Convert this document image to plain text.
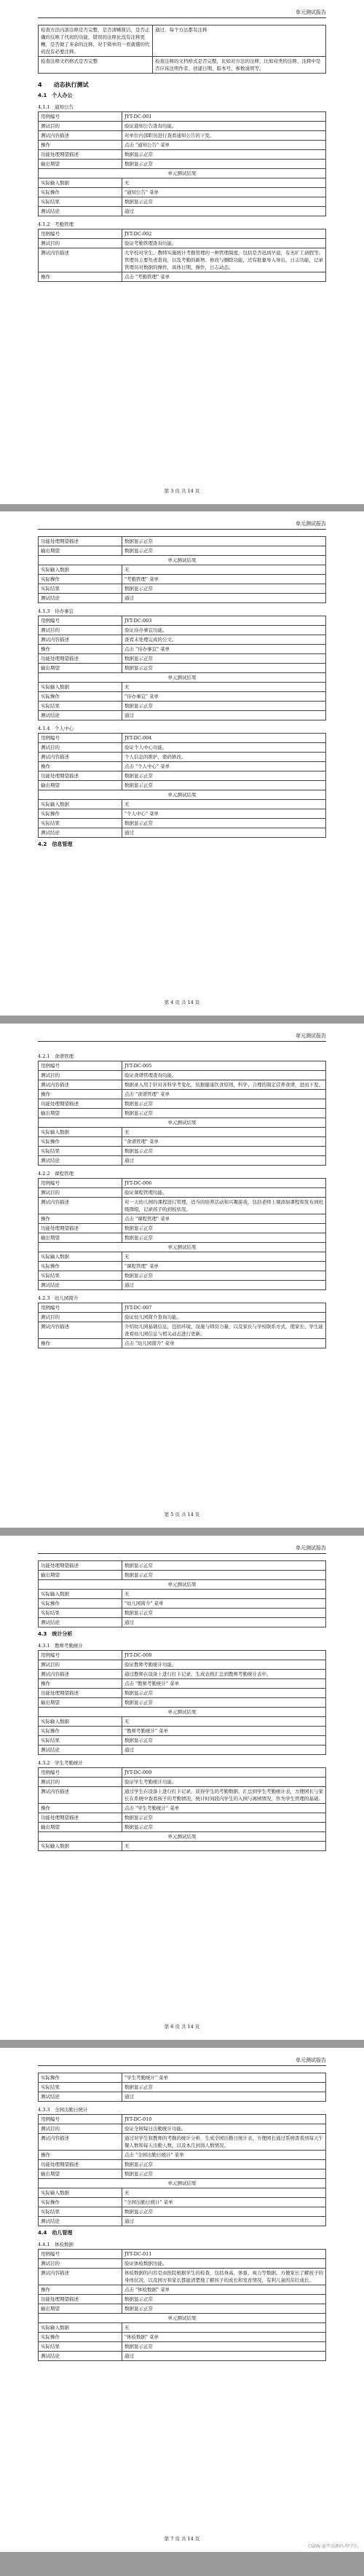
单元测试报告
检查方法内部注释是否完整，是否清晰简洁，是否正确的反映了代码的功能，错误的注释比没有注释更糟，是否做了多余的注释，对于简单的一看就懂的代码没有必要注释。	通过，每个方法都有注释
检查注释文档格式是否完整	检查注释的文档格式是否完整，比如对方法的注释，比如对类的注释，注释中是否应该注明作者、创建日期、版本号、参数说明等。
4　　动态执行测试
4.1　个人办公
4.1.1　通知公告
用例编号	JYT-DC-001
测试目的	验证通知公告查询功能。
测试内容描述	对单位内部职员进行查看通知公告的下发。
操作	点击 "通知公告" 菜单
功能处理期望描述	数据显示正常
输出期望	数据显示正常
单元测试结果	
实际输入数据	无
实际操作	"通知公告" 菜单
实际结果	数据显示正常
测试结论	通过
4.1.2　考勤管理
用例编号	JYT-DC-002
测试目的	验证考勤管理查询功能。
测试内容描述	大学校对学生、教师实施统计考勤管理的一种管理制度，包括是否迟到早退，有无旷工请假等。管理员主要负责查询，以及考勤的新增、修改与删除功能，还有批量导入导出，日志功能，记录管理员对数据的操作，具体日期、操作，日志动态。
操作	点击 "考勤管理" 菜单
第 3 页 共 14 页
单元测试报告
功能处理期望描述	数据显示正常
输出期望	数据显示正常
单元测试结果	
实际输入数据	无
实际操作	"考勤管理" 菜单
实际结果	数据显示正常
测试结论	通过
4.1.3　待办事宜
用例编号	JYT-DC-003
测试目的	验证待办事宜功能。
测试内容描述	查看未处理完成的公文。
操作	点击 "待办事宜" 菜单
功能处理期望描述	数据显示正常
输出期望	数据显示正常
单元测试结果	
实际输入数据	无
实际操作	"待办事宜" 菜单
实际结果	数据显示正常
测试结论	通过
4.1.4　个人中心
用例编号	JYT-DC-004
测试目的	验证个人中心功能。
测试内容描述	个人信息的维护，密码修改。
操作	点击 "个人中心" 菜单
功能处理期望描述	数据显示正常
输出期望	数据显示正常
单元测试结果	
实际输入数据	无
实际操作	"个人中心" 菜单
实际结果	数据显示正常
测试结论	通过
4.2　信息管理
第 4 页 共 14 页
单元测试报告
4.2.1　食谱管理
用例编号	JYT-DC-005
测试目的	验证食谱管理查询功能。
测试内容描述	数据录入用于针对各科学考变化，依据健康饮食原则，科学、合理的制定营养食谱，进而下发。
操作	点击 "食谱管理" 菜单
功能处理期望描述	数据显示正常
输出期望	数据显示正常
单元测试结果	
实际输入数据	无
实际操作	"食谱管理" 菜单
实际结果	数据显示正常
测试结论	通过
4.2.2　课程管理
用例编号	JYT-DC-006
测试目的	验证课程管理功能。
测试内容描述	对一天幼儿园的课程进行管理，适当的培养活动和兴趣游戏，包括老师上课添加课程和发布到班级群组，记录孩子的到校状况。
操作	点击 "课程管理" 菜单
功能处理期望描述	数据显示正常
输出期望	数据显示正常
单元测试结果	
实际输入数据	无
实际操作	"课程管理" 菜单
实际结果	数据显示正常
测试结论	通过
4.2.3　幼儿园简介
用例编号	JYT-DC-007
测试目的	验证幼儿园简介查询功能。
测试内容描述	介绍幼儿园基础信息，包括环境、设施与师资力量，以及家长与学校联系方式，使家长、学生能查看幼儿园信息与相关动态进行更新。
操作	点击 "幼儿园简介" 菜单
第 5 页 共 14 页
单元测试报告
功能处理期望描述	数据显示正常
输出期望	数据显示正常
单元测试结果	
实际输入数据	无
实际操作	"幼儿园简介" 菜单
实际结果	数据显示正常
测试结论	通过
4.3　统计分析
4.3.1　教师考勤统计
用例编号	JYT-DC-008
测试目的	验证教师考勤统计功能。
测试内容描述	通过教师在设备上进行打卡记录，生成表格汇总到教师考勤统计表中。
操作	点击 "教师考勤统计" 菜单
功能处理期望描述	数据显示正常
输出期望	数据显示正常
单元测试结果	
实际输入数据	无
实际操作	"教师考勤统计" 菜单
实际结果	数据显示正常
测试结论	通过
4.3.2　学生考勤统计
用例编号	JYT-DC-009
测试目的	验证学生考勤统计功能。
测试内容描述	通过学生在设备上进行打卡记录，获得学生的考勤数据，汇总到学生考勤统计表，方便园长与家长在系统中查看孩子的考勤情况，统计时间段内学生的入园与离园情况，作为学生管理的基础。
操作	点击 "学生考勤统计" 菜单
功能处理期望描述	数据显示正常
输出期望	数据显示正常
单元测试结果	
实际输入数据	无
第 6 页 共 14 页
单元测试报告
实际操作	"学生考勤统计" 菜单
实际结果	数据显示正常
测试结论	通过
4.3.3　全园出勤日统计
用例编号	JYT-DC-010
测试目的	验证全园每日出勤统计功能。
测试内容描述	通过对学生和教师的考勤的统计分析，生成全园出勤日统计表，方便园长通过系统查看到每天午餐人数和每天出勤人数，以及本月到岗人数情况。
操作	点击 "全园出勤日统计" 菜单
功能处理期望描述	数据显示正常
输出期望	数据显示正常
单元测试结果	
实际输入数据	无
实际操作	"全园出勤日统计" 菜单
实际结果	数据显示正常
测试结论	通过
4.4　幼儿管理
4.4.1　体检数据
用例编号	JYT-DC-011
测试目的	验证体检数据功能。
测试内容描述	体检数据的内容是由医院根据学生的检查，包括身高、体重、视力等数据。方便家长了解孩子的身体状况，以及园方和家长都能清楚地了解孩子的成长和发育情况，有利儿童的茁壮成长。
操作	点击 "体检数据" 菜单
功能处理期望描述	数据显示正常
输出期望	数据显示正常
单元测试结果	
实际输入数据	无
实际操作	"体检数据" 菜单
实际结果	数据显示正常
测试结论	通过
第 7 页 共 14 页
CSDN @毕设源码-钟学长
